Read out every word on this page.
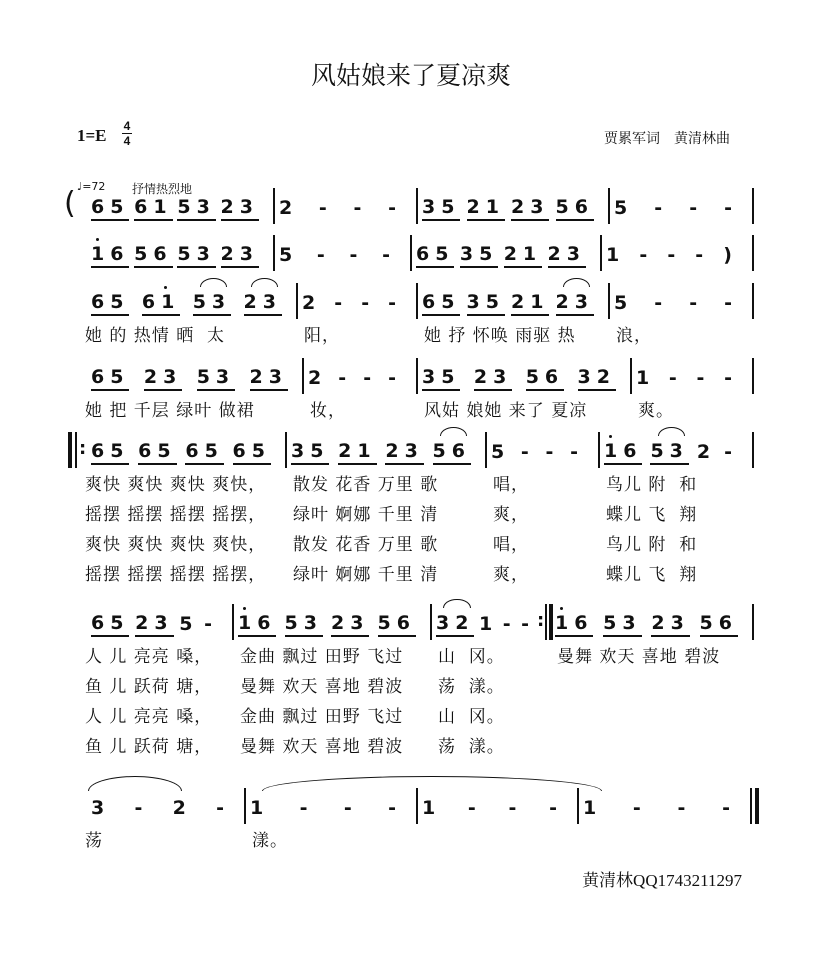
风姑娘来了夏凉爽
1=E 4
4	贾累军词    黄清林曲
♩=72 抒情热烈地
65 61 53 23 2 - - - 35 21 23 56 5 - - -
(
16 56 53 23 5 - - - 65 35 21 23 1 - - - )
65 61 53 23
她 的 热情 晒  太
2 - - -
阳，
65 35 21 23
她 抒 怀唤 雨驱 热
5 - - -
浪，
65 23 53 23
她 把 千层 绿叶 做裙
2 - - -
妆，
35 23 56 32
风姑 娘她 来了 夏凉
1 - - -
爽。
65 65 65 65
爽快 爽快 爽快 爽快，
摇摆 摇摆 摇摆 摇摆，
爽快 爽快 爽快 爽快，
摇摆 摇摆 摇摆 摇摆，
35 21 23 56
散发 花香 万里 歌
绿叶 婀娜 千里 清
散发 花香 万里 歌
绿叶 婀娜 千里 清
5 - - -
唱，
爽，
唱，
爽，
16 53 2 -
鸟儿 附  和
蝶儿 飞  翔
鸟儿 附  和
蝶儿 飞  翔
:
65 23 5 -
人 儿 亮亮 嗓，
鱼 儿 跃荷 塘，
人 儿 亮亮 嗓，
鱼 儿 跃荷 塘，
16 53 23 56
金曲 飘过 田野 飞过
曼舞 欢天 喜地 碧波
金曲 飘过 田野 飞过
曼舞 欢天 喜地 碧波
32 1 - - :
山  冈。
荡  漾。
山  冈。
荡  漾。
16 53 23 56
曼舞 欢天 喜地 碧波
3 - 2 -
荡
1 - - -
漾。
1 - - - 1 - - -
黄清林QQ1743211297
